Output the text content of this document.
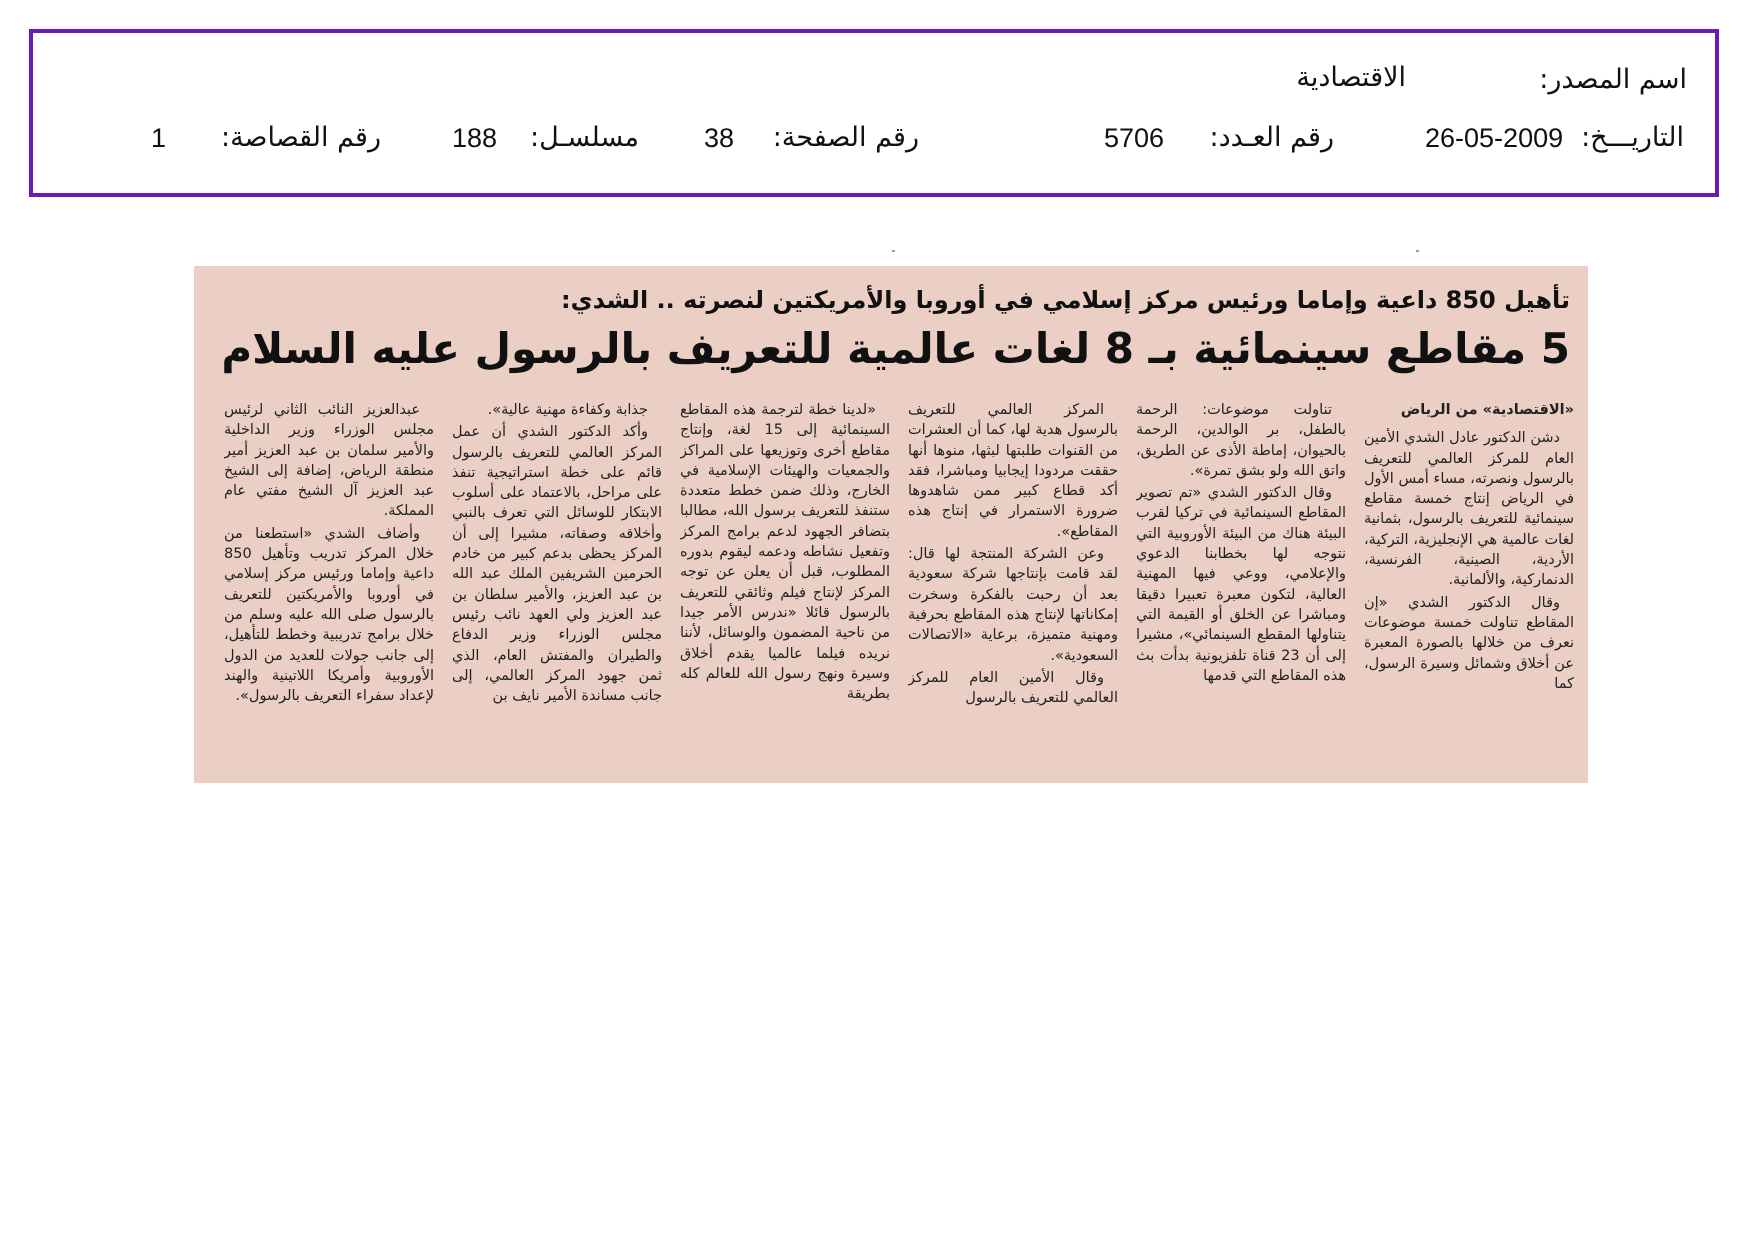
اسم المصدر:
الاقتصادية
التاريـــخ:
26-05-2009
رقم العـدد:
5706
رقم الصفحة:
38
مسلسـل:
188
رقم القصاصة:
1
تأهيل 850 داعية وإماما ورئيس مركز إسلامي في أوروبا والأمريكتين لنصرته .. الشدي:
5 مقاطع سينمائية بـ 8 لغات عالمية للتعريف بالرسول عليه السلام

«الاقتصادية» من الرياض

دشن الدكتور عادل الشدي الأمين العام للمركز العالمي للتعريف بالرسول ونصرته، مساء أمس الأول في الرياض إنتاج خمسة مقاطع سينمائية للتعريف بالرسول، بثمانية لغات عالمية هي الإنجليزية، التركية، الأردية، الصينية، الفرنسية، الدنماركية، والألمانية.

وقال الدكتور الشدي «إن المقاطع تناولت خمسة موضوعات نعرف من خلالها بالصورة المعبرة عن أخلاق وشمائل وسيرة الرسول، كما

تناولت موضوعات: الرحمة بالطفل، بر الوالدين، الرحمة بالحيوان، إماطة الأذى عن الطريق، واتق الله ولو بشق تمرة».

وقال الدكتور الشدي «تم تصوير المقاطع السينمائية في تركيا لقرب البيئة هناك من البيئة الأوروبية التي نتوجه لها بخطابنا الدعوي والإعلامي، ووعي فيها المهنية العالية، لتكون معبرة تعبيرا دقيقا ومباشرا عن الخلق أو القيمة التي يتناولها المقطع السينمائي»، مشيرا إلى أن 23 قناة تلفزيونية بدأت بث هذه المقاطع التي قدمها

المركز العالمي للتعريف بالرسول هدية لها، كما أن العشرات من القنوات طلبتها لبثها، منوها أنها حققت مردودا إيجابيا ومباشرا، فقد أكد قطاع كبير ممن شاهدوها ضرورة الاستمرار في إنتاج هذه المقاطع».

وعن الشركة المنتجة لها قال: لقد قامت بإنتاجها شركة سعودية بعد أن رحبت بالفكرة وسخرت إمكاناتها لإنتاج هذه المقاطع بحرفية ومهنية متميزة، برعاية «الاتصالات السعودية».

وقال الأمين العام للمركز العالمي للتعريف بالرسول

«لدينا خطة لترجمة هذه المقاطع السينمائية إلى 15 لغة، وإنتاج مقاطع أخرى وتوزيعها على المراكز والجمعيات والهيئات الإسلامية في الخارج، وذلك ضمن خطط متعددة ستنفذ للتعريف برسول الله، مطالبا بتضافر الجهود لدعم برامج المركز وتفعيل نشاطه ودعمه ليقوم بدوره المطلوب، قبل أن يعلن عن توجه المركز لإنتاج فيلم وثائقي للتعريف بالرسول قائلا «ندرس الأمر جيدا من ناحية المضمون والوسائل، لأننا نريده فيلما عالميا يقدم أخلاق وسيرة ونهج رسول الله للعالم كله بطريقة

جذابة وكفاءة مهنية عالية».

وأكد الدكتور الشدي أن عمل المركز العالمي للتعريف بالرسول قائم على خطة استراتيجية تنفذ على مراحل، بالاعتماد على أسلوب الابتكار للوسائل التي تعرف بالنبي وأخلاقه وصفاته، مشيرا إلى أن المركز يحظى بدعم كبير من خادم الحرمين الشريفين الملك عبد الله بن عبد العزيز، والأمير سلطان بن عبد العزيز ولي العهد نائب رئيس مجلس الوزراء وزير الدفاع والطيران والمفتش العام، الذي ثمن جهود المركز العالمي، إلى جانب مساندة الأمير نايف بن

عبدالعزيز النائب الثاني لرئيس مجلس الوزراء وزير الداخلية والأمير سلمان بن عبد العزيز أمير منطقة الرياض، إضافة إلى الشيخ عبد العزيز آل الشيخ مفتي عام المملكة.

وأضاف الشدي «استطعنا من خلال المركز تدريب وتأهيل 850 داعية وإماما ورئيس مركز إسلامي في أوروبا والأمريكتين للتعريف بالرسول صلى الله عليه وسلم من خلال برامج تدريبية وخطط للتأهيل، إلى جانب جولات للعديد من الدول الأوروبية وأمريكا اللاتينية والهند لإعداد سفراء التعريف بالرسول».
